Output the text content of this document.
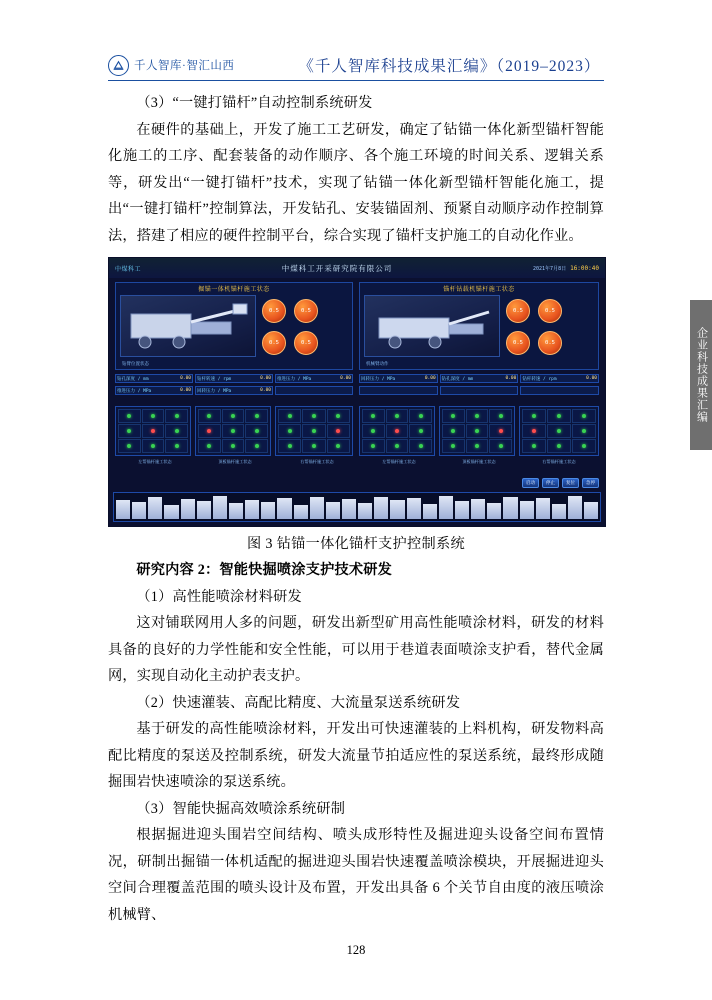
千人智库·智汇山西	《千人智库科技成果汇编》（2019–2023）

（3）“一键打锚杆”自动控制系统研发

在硬件的基础上，开发了施工工艺研发，确定了钻锚一体化新型锚杆智能化施工的工序、配套装备的动作顺序、各个施工环境的时间关系、逻辑关系等，研发出“一键打锚杆”技术，实现了钻锚一体化新型锚杆智能化施工，提出“一键打锚杆”控制算法，开发钻孔、安装锚固剂、预紧自动顺序动作控制算法，搭建了相应的硬件控制平台，综合实现了锚杆支护施工的自动化作业。

中煤科工	中煤科工开采研究院有限公司	2021年7月8日 16:00:40
掘锚一体机锚杆施工状态
0.5	0.5
0.5	0.5
钻臂位置状态
锚杆钻载机锚杆施工状态
0.5	0.5
0.5	0.5
机械臂动作
钻孔深度 / mm	0.00 钻杆转速 / rpm	0.00 推进压力 / MPa	0.00 回转压力 / MPa	0.00 钻孔深度 / mm	0.00 钻杆转速 / rpm	0.00
推进压力 / MPa	0.00 回转压力 / MPa	0.00
左帮锚杆施工状态	顶板锚杆施工状态	右帮锚杆施工状态	左帮锚杆施工状态	顶板锚杆施工状态	右帮锚杆施工状态
启动	停止	复位	急停

图 3 钻锚一体化锚杆支护控制系统

研究内容 2：智能快掘喷涂支护技术研发

（1）高性能喷涂材料研发

这对铺联网用人多的问题，研发出新型矿用高性能喷涂材料，研发的材料具备的良好的力学性能和安全性能，可以用于巷道表面喷涂支护看，替代金属网，实现自动化主动护表支护。

（2）快速灌装、高配比精度、大流量泵送系统研发

基于研发的高性能喷涂材料，开发出可快速灌装的上料机构，研发物料高配比精度的泵送及控制系统，研发大流量节拍适应性的泵送系统，最终形成随掘围岩快速喷涂的泵送系统。

（3）智能快掘高效喷涂系统研制

根据掘进迎头围岩空间结构、喷头成形特性及掘进迎头设备空间布置情况，研制出掘锚一体机适配的掘进迎头围岩快速覆盖喷涂模块，开展掘进迎头空间合理覆盖范围的喷头设计及布置，开发出具备 6 个关节自由度的液压喷涂机械臂、

企业科技成果汇编
128
